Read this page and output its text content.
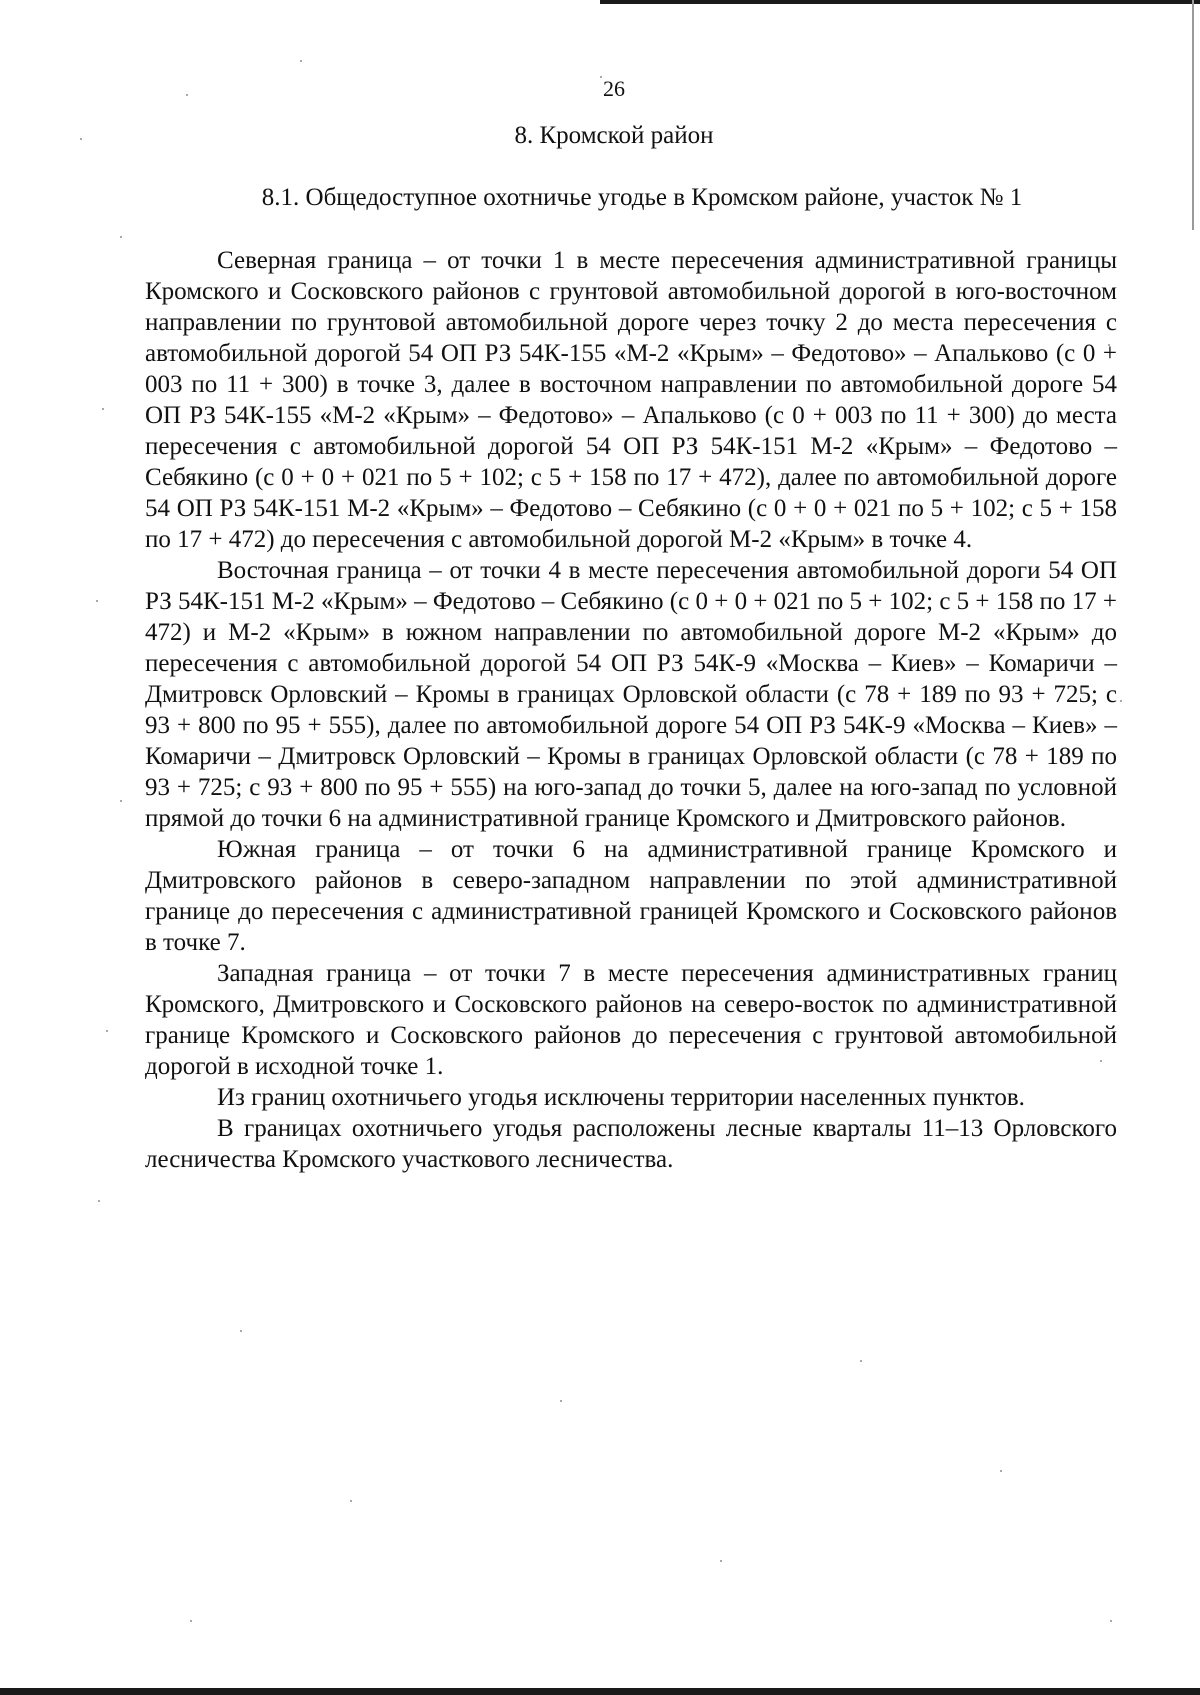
26
8. Кромской район
8.1. Общедоступное охотничье угодье в Кромском районе, участок № 1

Северная граница – от точки 1 в месте пересечения административной границы Кромского и Сосковского районов с грунтовой автомобильной дорогой в юго-восточном направлении по грунтовой автомобильной дороге через точку 2 до места пересечения с автомобильной дорогой 54 ОП РЗ 54К-155 «М-2 «Крым» – Федотово» – Апальково (с 0 + 003 по 11 + 300) в точке 3, далее в восточном направлении по автомобильной дороге 54 ОП РЗ 54К-155 «М-2 «Крым» – Федотово» – Апальково (с 0 + 003 по 11 + 300) до места пересечения с автомобильной дорогой 54 ОП РЗ 54К-151 М-2 «Крым» – Федотово – Себякино (с 0 + 0 + 021 по 5 + 102; с 5 + 158 по 17 + 472), далее по автомобильной дороге 54 ОП РЗ 54К-151 М-2 «Крым» – Федотово – Себякино (с 0 + 0 + 021 по 5 + 102; с 5 + 158 по 17 + 472) до пересечения с автомобильной дорогой М-2 «Крым» в точке 4.

Восточная граница – от точки 4 в месте пересечения автомобильной дороги 54 ОП РЗ 54К-151 М-2 «Крым» – Федотово – Себякино (с 0 + 0 + 021 по 5 + 102; с 5 + 158 по 17 + 472) и М-2 «Крым» в южном направлении по автомобильной дороге М-2 «Крым» до пересечения с автомобильной дорогой 54 ОП РЗ 54К-9 «Москва – Киев» – Комаричи – Дмитровск Орловский – Кромы в границах Орловской области (с 78 + 189 по 93 + 725; с 93 + 800 по 95 + 555), далее по автомобильной дороге 54 ОП РЗ 54К-9 «Москва – Киев» – Комаричи – Дмитровск Орловский – Кромы в границах Орловской области (с 78 + 189 по 93 + 725; с 93 + 800 по 95 + 555) на юго-запад до точки 5, далее на юго-запад по условной прямой до точки 6 на административной границе Кромского и Дмитровского районов.

Южная граница – от точки 6 на административной границе Кромского и Дмитровского районов в северо-западном направлении по этой административной границе до пересечения с административной границей Кромского и Сосковского районов в точке 7.

Западная граница – от точки 7 в месте пересечения административных границ Кромского, Дмитровского и Сосковского районов на северо-восток по административной границе Кромского и Сосковского районов до пересечения с грунтовой автомобильной дорогой в исходной точке 1.

Из границ охотничьего угодья исключены территории населенных пунктов.

В границах охотничьего угодья расположены лесные кварталы 11–13 Орловского лесничества Кромского участкового лесничества.
